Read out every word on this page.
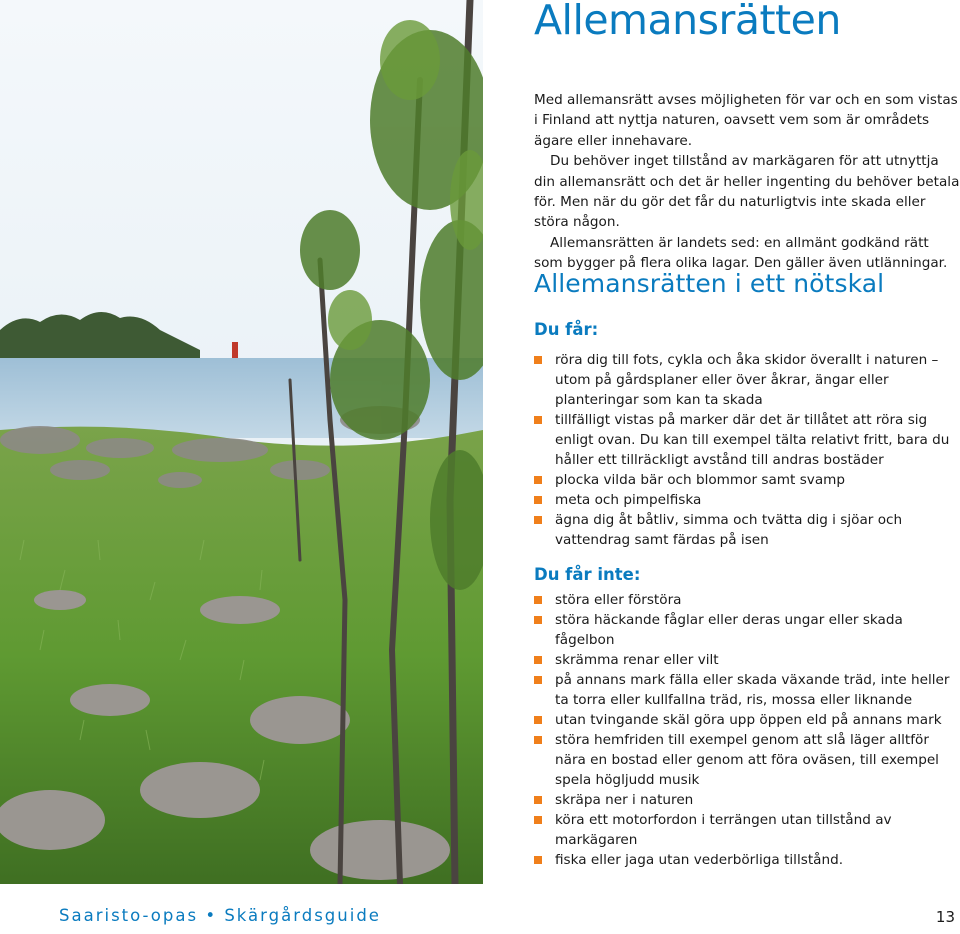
Allemansrätten

Med allemansrätt avses möjligheten för var och en som vistas i Finland att nyttja naturen, oavsett vem som är områdets ägare eller innehavare.

Du behöver inget tillstånd av markägaren för att utnyttja din allemansrätt och det är heller ingenting du behöver betala för. Men när du gör det får du naturligtvis inte skada eller störa någon.

Allemansrätten är landets sed: en allmänt godkänd rätt som bygger på flera olika lagar. Den gäller även utlänningar.

Allemansrätten i ett nötskal
Du får:
röra dig till fots, cykla och åka skidor överallt i naturen – utom på gårdsplaner eller över åkrar, ängar eller planteringar som kan ta skada
tillfälligt vistas på marker där det är tillåtet att röra sig enligt ovan. Du kan till exempel tälta relativt fritt, bara du håller ett tillräckligt avstånd till andras bostäder
plocka vilda bär och blommor samt svamp
meta och pimpelfiska
ägna dig åt båtliv, simma och tvätta dig i sjöar och vattendrag samt färdas på isen
Du får inte:
störa eller förstöra
störa häckande fåglar eller deras ungar eller skada fågelbon
skrämma renar eller vilt
på annans mark fälla eller skada växande träd, inte heller ta torra eller kullfallna träd, ris, mossa eller liknande
utan tvingande skäl göra upp öppen eld på annans mark
störa hemfriden till exempel genom att slå läger alltför nära en bostad eller genom att föra oväsen, till exempel spela högljudd musik
skräpa ner i naturen
köra ett motorfordon i terrängen utan tillstånd av markägaren
fiska eller jaga utan vederbörliga tillstånd.
Saaristo-opas • Skärgårdsguide	13
